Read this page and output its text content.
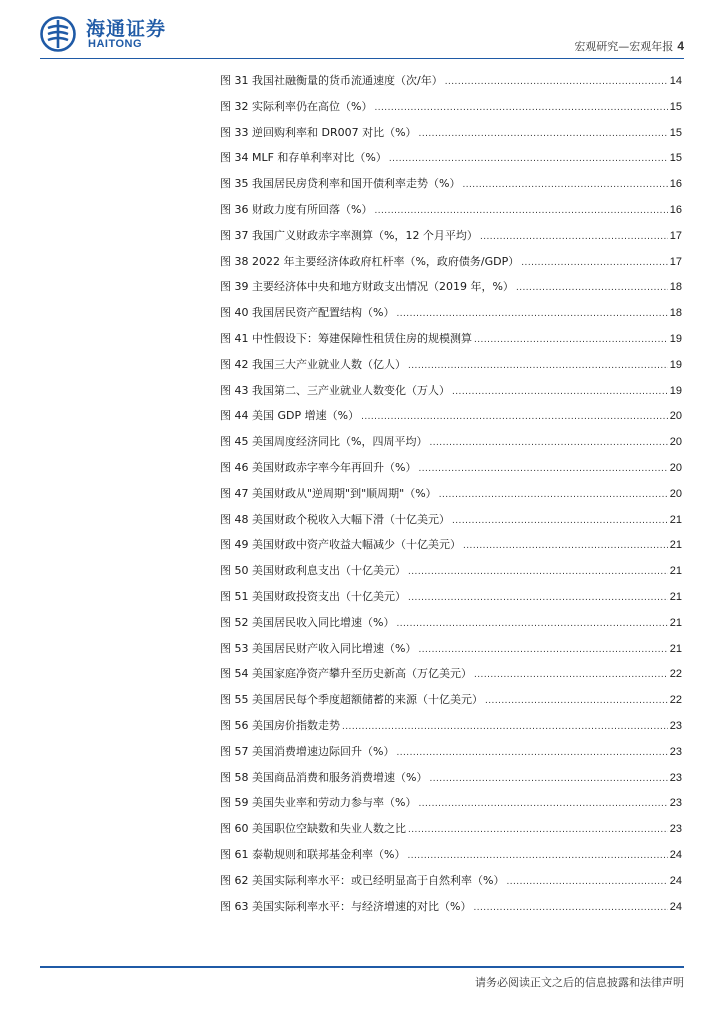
海通证券
HAITONG	宏观研究—宏观年报 4
图 31 我国社融衡量的货币流通速度（次/年） .....	14
图 32 实际利率仍在高位（%） .....	15
图 33 逆回购利率和 DR007 对比（%） .....	15
图 34 MLF 和存单利率对比（%） .....	15
图 35 我国居民房贷利率和国开债利率走势（%） .....	16
图 36 财政力度有所回落（%） .....	16
图 37 我国广义财政赤字率测算（%，12 个月平均） .....	17
图 38 2022 年主要经济体政府杠杆率（%，政府债务/GDP） .....	17
图 39 主要经济体中央和地方财政支出情况（2019 年，%） .....	18
图 40 我国居民资产配置结构（%） .....	18
图 41 中性假设下：筹建保障性租赁住房的规模测算 .....	19
图 42 我国三大产业就业人数（亿人） .....	19
图 43 我国第二、三产业就业人数变化（万人） .....	19
图 44 美国 GDP 增速（%） .....	20
图 45 美国周度经济同比（%，四周平均） .....	20
图 46 美国财政赤字率今年再回升（%） .....	20
图 47 美国财政从"逆周期"到"顺周期"（%） .....	20
图 48 美国财政个税收入大幅下滑（十亿美元） .....	21
图 49 美国财政中资产收益大幅减少（十亿美元） .....	21
图 50 美国财政利息支出（十亿美元） .....	21
图 51 美国财政投资支出（十亿美元） .....	21
图 52 美国居民收入同比增速（%） .....	21
图 53 美国居民财产收入同比增速（%） .....	21
图 54 美国家庭净资产攀升至历史新高（万亿美元） .....	22
图 55 美国居民每个季度超额储蓄的来源（十亿美元） .....	22
图 56 美国房价指数走势 .....	23
图 57 美国消费增速边际回升（%） .....	23
图 58 美国商品消费和服务消费增速（%） .....	23
图 59 美国失业率和劳动力参与率（%） .....	23
图 60 美国职位空缺数和失业人数之比 .....	23
图 61 泰勒规则和联邦基金利率（%） .....	24
图 62 美国实际利率水平：或已经明显高于自然利率（%） .....	24
图 63 美国实际利率水平：与经济增速的对比（%） .....	24
请务必阅读正文之后的信息披露和法律声明
